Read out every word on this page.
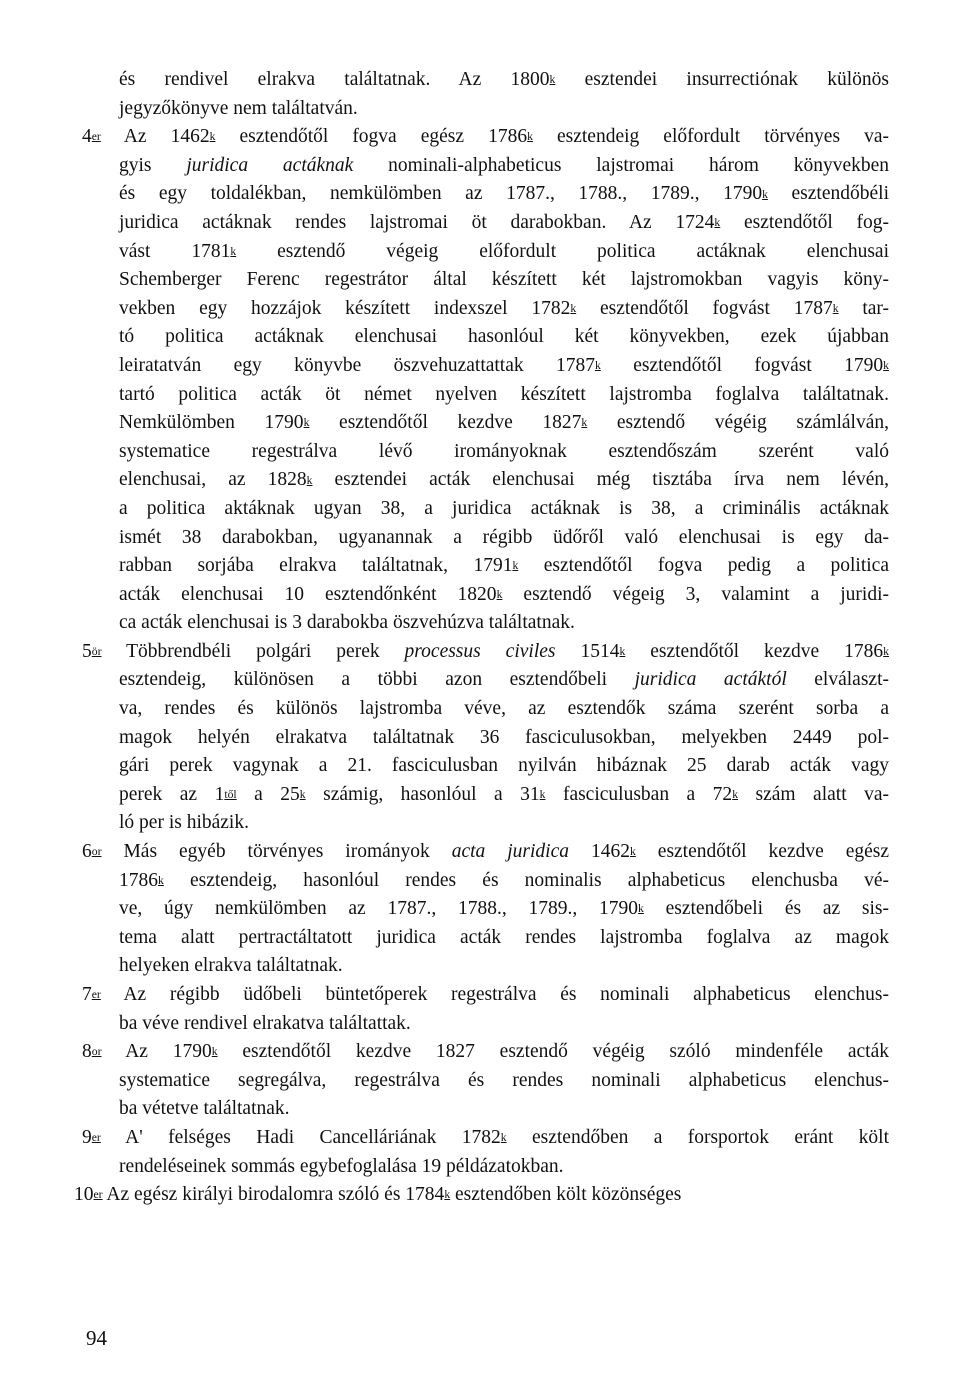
és rendivel elrakva találtatnak. Az 1800$^k$ esztendei insurrectiónak különös
jegyzőkönyve nem találtatván.
4er Az 1462$^k$ esztendőtől fogva egész 1786$^k$ esztendeig előfordult törvényes va-
gyis juridica actáknak nominali-alphabeticus lajstromai három könyvekben
és egy toldalékban, nemkülömben az 1787., 1788., 1789., 1790$^k$ esztendőbéli
juridica actáknak rendes lajstromai öt darabokban. Az 1724$^k$ esztendőtől fog-
vást 1781$^k$ esztendő végeig előfordult politica actáknak elenchusai
Schemberger Ferenc regestrátor által készített két lajstromokban vagyis köny-
vekben egy hozzájok készített indexszel 1782$^k$ esztendőtől fogvást 1787$^k$ tar-
tó politica actáknak elenchusai hasonlóul két könyvekben, ezek újabban
leiratatván egy könyvbe öszvehuzattattak 1787$^k$ esztendőtől fogvást 1790$^k$
tartó politica acták öt német nyelven készített lajstromba foglalva találtatnak.
Nemkülömben 1790$^k$ esztendőtől kezdve 1827$^k$ esztendő végéig számlálván,
systematice regestrálva lévő irományoknak esztendőszám szerént való
elenchusai, az 1828$^k$ esztendei acták elenchusai még tisztába írva nem lévén,
a politica aktáknak ugyan 38, a juridica actáknak is 38, a criminális actáknak
ismét 38 darabokban, ugyanannak a régibb üdőről való elenchusai is egy da-
rabban sorjába elrakva találtatnak, 1791$^k$ esztendőtől fogva pedig a politica
acták elenchusai 10 esztendőnként 1820$^k$ esztendő végeig 3, valamint a juridi-
ca acták elenchusai is 3 darabokba öszvehúzva találtatnak.
$5^{ör}$ Többrendbéli polgári perek processus civiles 1514$^k$ esztendőtől kezdve 1786$^k$
esztendeig, különösen a többi azon esztendőbeli juridica actáktól elválaszt-
va, rendes és különös lajstromba véve, az esztendők száma szerént sorba a
magok helyén elrakatva találtatnak 36 fasciculusokban, melyekben 2449 pol-
gári perek vagynak a 21. fasciculusban nyilván hibáznak 25 darab acták vagy
perek az $1^{től}$ a 25$^k$ számig, hasonlóul a 31$^k$ fasciculusban a 72$^k$ szám alatt va-
ló per is hibázik.
$6^{or}$ Más egyéb törvényes irományok acta juridica 1462$^k$ esztendőtől kezdve egész
1786$^k$ esztendeig, hasonlóul rendes és nominalis alphabeticus elenchusba vé-
ve, úgy nemkülömben az 1787., 1788., 1789., 1790$^k$ esztendőbeli és az sis-
tema alatt pertractáltatott juridica acták rendes lajstromba foglalva az magok
helyeken elrakva találtatnak.
7er Az régibb üdőbeli büntetőperek regestrálva és nominali alphabeticus elenchus-
ba véve rendivel elrakatva találtattak.
$8^{or}$ Az 1790$^k$ esztendőtől kezdve 1827 esztendő végéig szóló mindenféle acták
systematice segregálva, regestrálva és rendes nominali alphabeticus elenchus-
ba vétetve találtatnak.
9er A' felséges Hadi Cancelláriának 1782$^k$ esztendőben a forsportok eránt költ
rendeléseinek sommás egybefoglalása 19 példázatokban.
10er Az egész királyi birodalomra szóló és 1784$^k$ esztendőben költ közönséges
94
